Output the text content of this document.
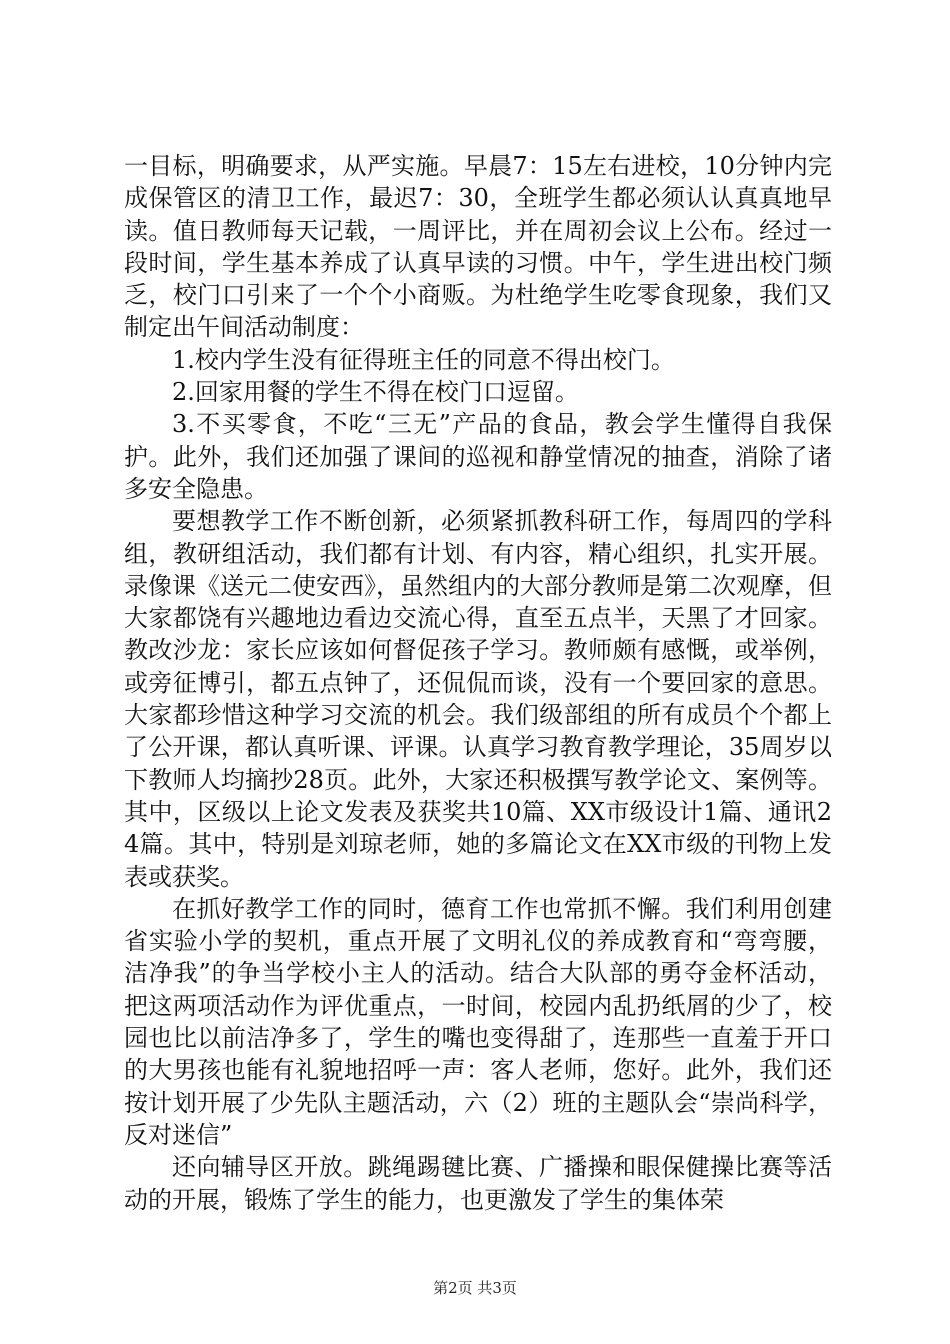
一目标，明确要求，从严实施。早晨7：15左右进校，10分钟内完成保管区的清卫工作，最迟7：30，全班学生都必须认认真真地早读。值日教师每天记载，一周评比，并在周初会议上公布。经过一段时间，学生基本养成了认真早读的习惯。中午，学生进出校门频乏，校门口引来了一个个小商贩。为杜绝学生吃零食现象，我们又制定出午间活动制度：

1.校内学生没有征得班主任的同意不得出校门。

2.回家用餐的学生不得在校门口逗留。

3.不买零食，不吃“三无”产品的食品，教会学生懂得自我保护。此外，我们还加强了课间的巡视和静堂情况的抽查，消除了诸多安全隐患。

要想教学工作不断创新，必须紧抓教科研工作，每周四的学科组，教研组活动，我们都有计划、有内容，精心组织，扎实开展。录像课《送元二使安西》，虽然组内的大部分教师是第二次观摩，但大家都饶有兴趣地边看边交流心得，直至五点半，天黑了才回家。教改沙龙：家长应该如何督促孩子学习。教师颇有感慨，或举例，或旁征博引，都五点钟了，还侃侃而谈，没有一个要回家的意思。大家都珍惜这种学习交流的机会。我们级部组的所有成员个个都上了公开课，都认真听课、评课。认真学习教育教学理论，35周岁以下教师人均摘抄28页。此外，大家还积极撰写教学论文、案例等。其中，区级以上论文发表及获奖共10篇、XX市级设计1篇、通讯24篇。其中，特别是刘琼老师，她的多篇论文在XX市级的刊物上发表或获奖。

在抓好教学工作的同时，德育工作也常抓不懈。我们利用创建省实验小学的契机，重点开展了文明礼仪的养成教育和“弯弯腰，洁净我”的争当学校小主人的活动。结合大队部的勇夺金杯活动，把这两项活动作为评优重点，一时间，校园内乱扔纸屑的少了，校园也比以前洁净多了，学生的嘴也变得甜了，连那些一直羞于开口的大男孩也能有礼貌地招呼一声：客人老师，您好。此外，我们还按计划开展了少先队主题活动，六（2）班的主题队会“崇尚科学，反对迷信”

还向辅导区开放。跳绳踢毽比赛、广播操和眼保健操比赛等活动的开展，锻炼了学生的能力，也更激发了学生的集体荣

第2页 共3页
